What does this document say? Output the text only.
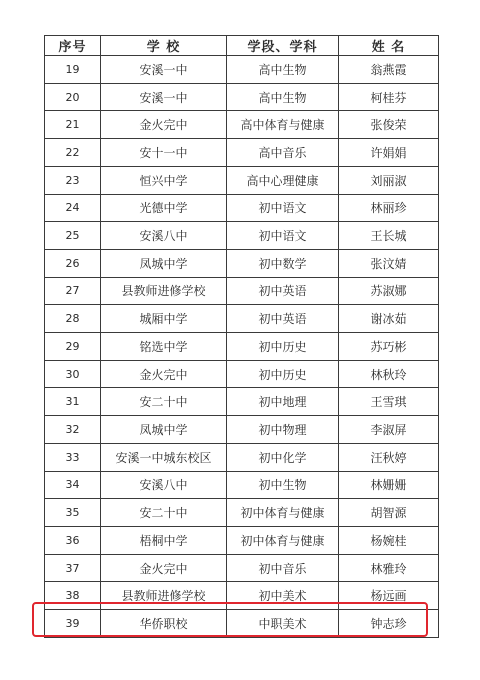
序号	学 校	学段、学科	姓 名
19	安溪一中	高中生物	翁燕霞
20	安溪一中	高中生物	柯桂芬
21	金火完中	高中体育与健康	张俊荣
22	安十一中	高中音乐	许娟娟
23	恒兴中学	高中心理健康	刘丽淑
24	光德中学	初中语文	林丽珍
25	安溪八中	初中语文	王长城
26	凤城中学	初中数学	张汶婧
27	县教师进修学校	初中英语	苏淑娜
28	城厢中学	初中英语	谢冰茹
29	铭选中学	初中历史	苏巧彬
30	金火完中	初中历史	林秋玲
31	安二十中	初中地理	王雪琪
32	凤城中学	初中物理	李淑屏
33	安溪一中城东校区	初中化学	汪秋婷
34	安溪八中	初中生物	林姗姗
35	安二十中	初中体育与健康	胡智源
36	梧桐中学	初中体育与健康	杨婉桂
37	金火完中	初中音乐	林雅玲
38	县教师进修学校	初中美术	杨远画
39	华侨职校	中职美术	钟志珍
